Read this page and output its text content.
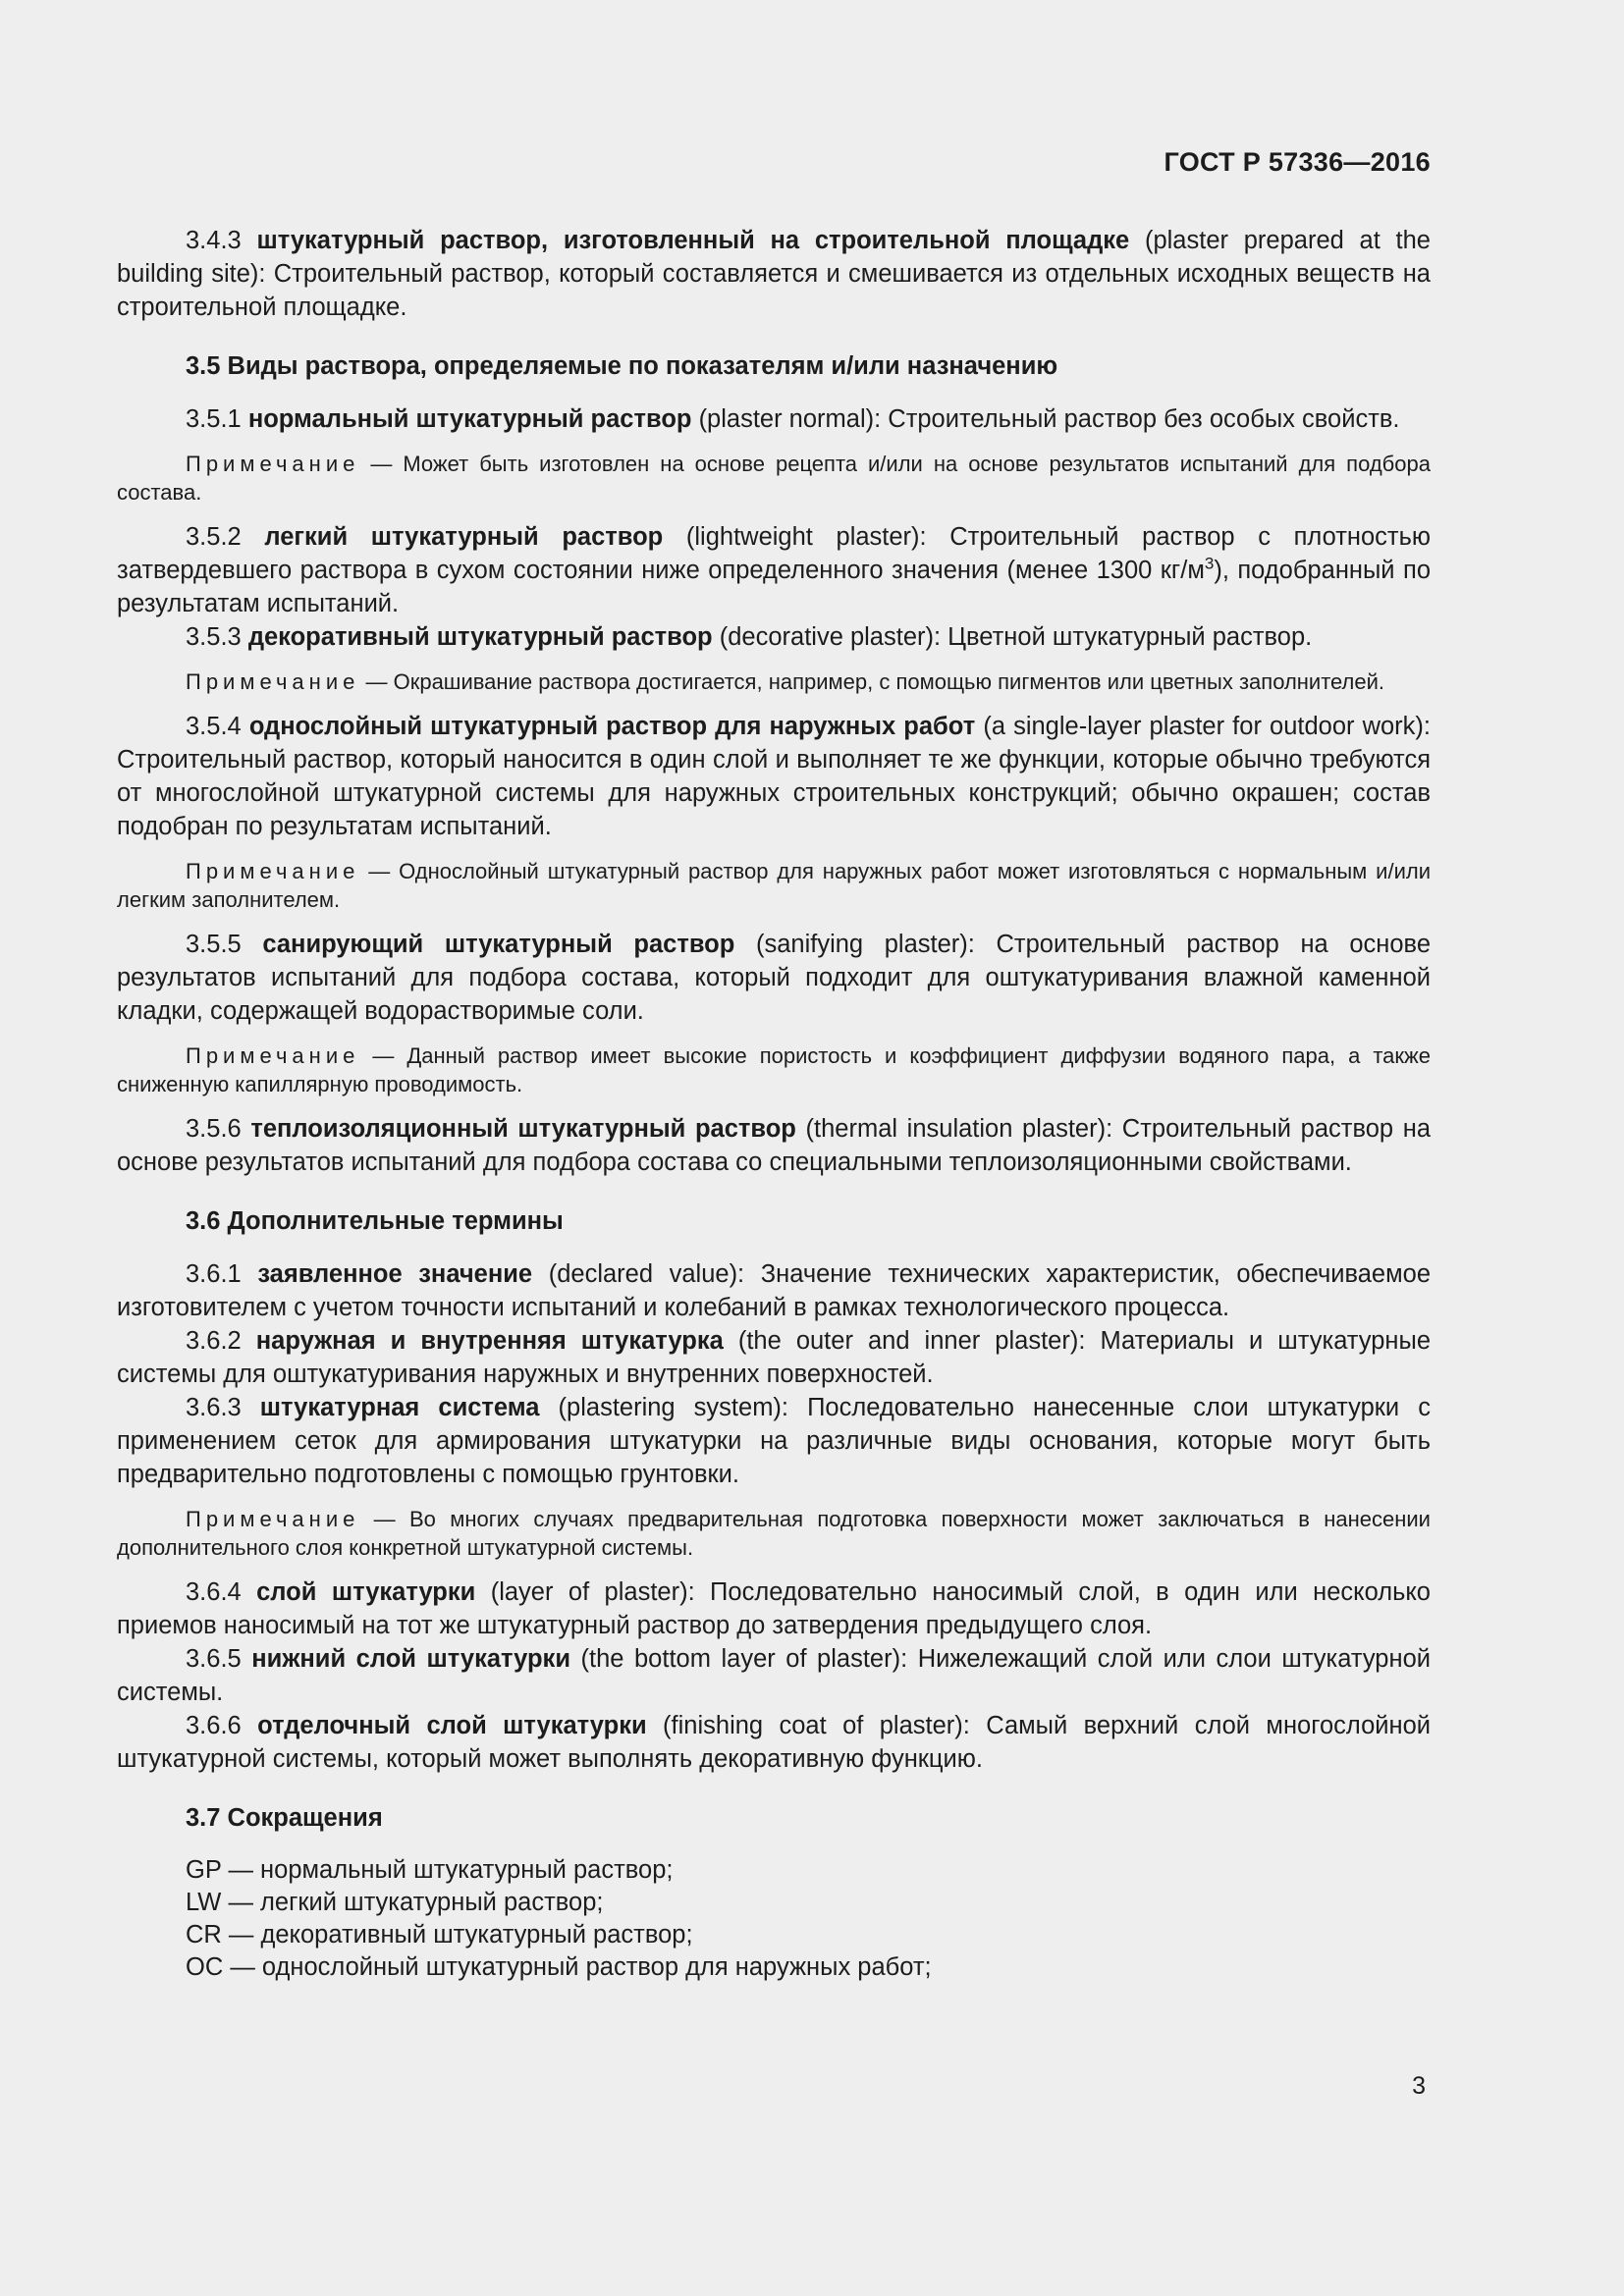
ГОСТ Р 57336—2016

3.4.3 штукатурный раствор, изготовленный на строительной площадке (plaster prepared at the building site): Строительный раствор, который составляется и смешивается из отдельных исходных веществ на строительной площадке.

3.5 Виды раствора, определяемые по показателям и/или назначению

3.5.1 нормальный штукатурный раствор (plaster normal): Строительный раствор без особых свойств.

Примечание — Может быть изготовлен на основе рецепта и/или на основе результатов испытаний для подбора состава.

3.5.2 легкий штукатурный раствор (lightweight plaster): Строительный раствор с плотностью затвердевшего раствора в сухом состоянии ниже определенного значения (менее 1300 $кг/м^3$), подобранный по результатам испытаний.

3.5.3 декоративный штукатурный раствор (decorative plaster): Цветной штукатурный раствор.

Примечание — Окрашивание раствора достигается, например, с помощью пигментов или цветных заполнителей.

3.5.4 однослойный штукатурный раствор для наружных работ (a single-layer plaster for outdoor work): Строительный раствор, который наносится в один слой и выполняет те же функции, которые обычно требуются от многослойной штукатурной системы для наружных строительных конструкций; обычно окрашен; состав подобран по результатам испытаний.

Примечание — Однослойный штукатурный раствор для наружных работ может изготовляться с нормальным и/или легким заполнителем.

3.5.5 санирующий штукатурный раствор (sanifying plaster): Строительный раствор на основе результатов испытаний для подбора состава, который подходит для оштукатуривания влажной каменной кладки, содержащей водорастворимые соли.

Примечание — Данный раствор имеет высокие пористость и коэффициент диффузии водяного пара, а также сниженную капиллярную проводимость.

3.5.6 теплоизоляционный штукатурный раствор (thermal insulation plaster): Строительный раствор на основе результатов испытаний для подбора состава со специальными теплоизоляционными свойствами.

3.6 Дополнительные термины

3.6.1 заявленное значение (declared value): Значение технических характеристик, обеспечиваемое изготовителем с учетом точности испытаний и колебаний в рамках технологического процесса.

3.6.2 наружная и внутренняя штукатурка (the outer and inner plaster): Материалы и штукатурные системы для оштукатуривания наружных и внутренних поверхностей.

3.6.3 штукатурная система (plastering system): Последовательно нанесенные слои штукатурки с применением сеток для армирования штукатурки на различные виды основания, которые могут быть предварительно подготовлены с помощью грунтовки.

Примечание — Во многих случаях предварительная подготовка поверхности может заключаться в нанесении дополнительного слоя конкретной штукатурной системы.

3.6.4 слой штукатурки (layer of plaster): Последовательно наносимый слой, в один или несколько приемов наносимый на тот же штукатурный раствор до затвердения предыдущего слоя.

3.6.5 нижний слой штукатурки (the bottom layer of plaster): Нижележащий слой или слои штукатурной системы.

3.6.6 отделочный слой штукатурки (finishing coat of plaster): Самый верхний слой многослойной штукатурной системы, который может выполнять декоративную функцию.

3.7 Сокращения

GP — нормальный штукатурный раствор;

LW — легкий штукатурный раствор;

CR — декоративный штукатурный раствор;

OC — однослойный штукатурный раствор для наружных работ;

3
